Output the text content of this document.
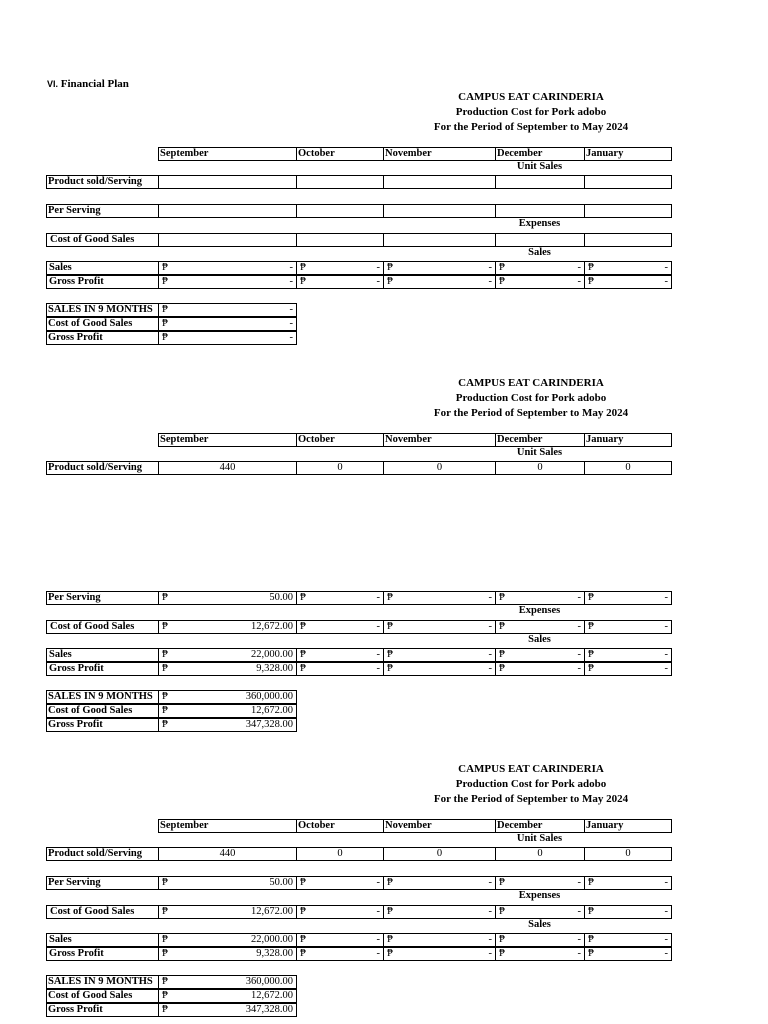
VI. Financial Plan
CAMPUS EAT CARINDERIA
Production Cost for Pork adobo
For the Period of September to May 2024
September	October	November	December	January
Unit Sales
Expenses
Sales
Product sold/Serving
Per Serving
Cost of Good Sales
Sales	₱	- ₱	- ₱	- ₱	- ₱	-
Gross Profit	₱	- ₱	- ₱	- ₱	- ₱	-
SALES IN 9 MONTHS ₱	-
Cost of Good Sales	₱	-
Gross Profit	₱	-
CAMPUS EAT CARINDERIA
Production Cost for Pork adobo
For the Period of September to May 2024
September	October	November	December	January
Unit Sales
Expenses
Sales
Product sold/Serving	440	0	0	0	0
Per Serving	₱	50.00 ₱	- ₱	- ₱	- ₱	-
Cost of Good Sales	₱	12,672.00 ₱	- ₱	- ₱	- ₱	-
Sales	₱	22,000.00 ₱	- ₱	- ₱	- ₱	-
Gross Profit	₱	9,328.00 ₱	- ₱	- ₱	- ₱	-
SALES IN 9 MONTHS ₱	360,000.00
Cost of Good Sales	₱	12,672.00
Gross Profit	₱	347,328.00
CAMPUS EAT CARINDERIA
Production Cost for Pork adobo
For the Period of September to May 2024
September	October	November	December	January
Unit Sales
Expenses
Sales
Product sold/Serving	440	0	0	0	0
Per Serving	₱	50.00 ₱	- ₱	- ₱	- ₱	-
Cost of Good Sales	₱	12,672.00 ₱	- ₱	- ₱	- ₱	-
Sales	₱	22,000.00 ₱	- ₱	- ₱	- ₱	-
Gross Profit	₱	9,328.00 ₱	- ₱	- ₱	- ₱	-
SALES IN 9 MONTHS ₱	360,000.00
Cost of Good Sales	₱	12,672.00
Gross Profit	₱	347,328.00
